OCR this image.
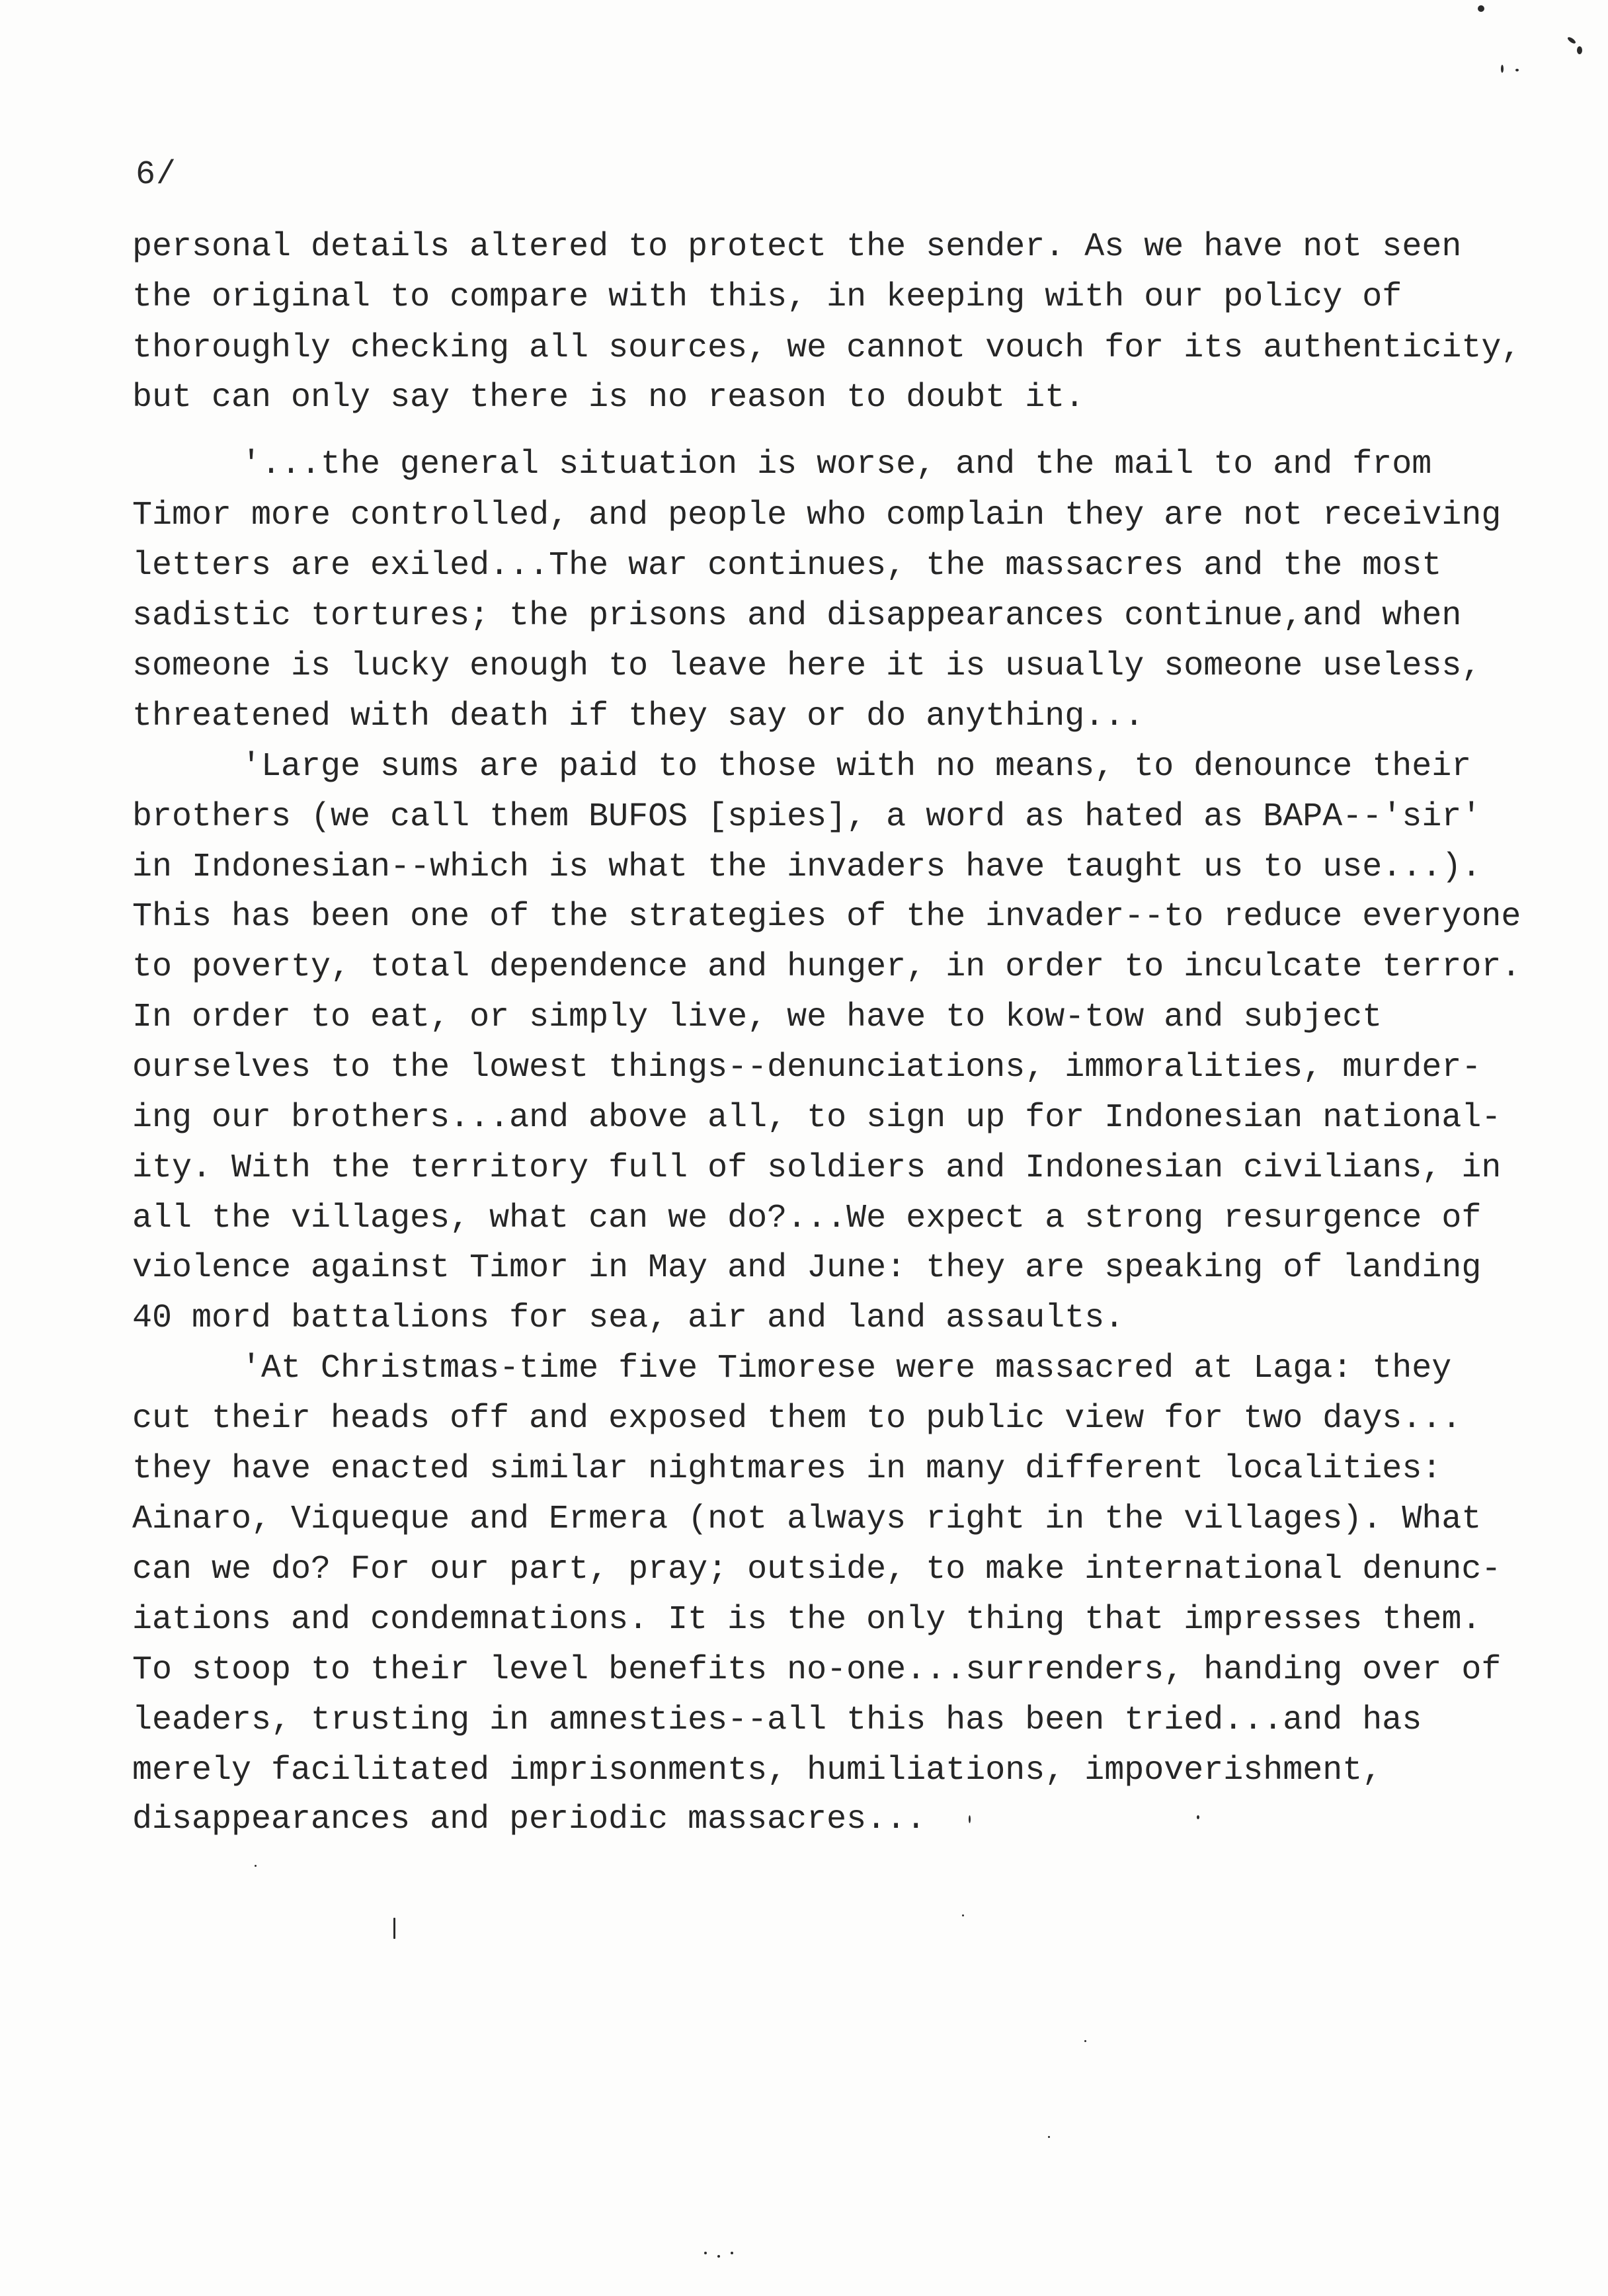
6/
personal details altered to protect the sender. As we have not seen
the original to compare with this, in keeping with our policy of
thoroughly checking all sources, we cannot vouch for its authenticity,
but can only say there is no reason to doubt it.
'...the general situation is worse, and the mail to and from
Timor more controlled, and people who complain they are not receiving
letters are exiled...The war continues, the massacres and the most
sadistic tortures; the prisons and disappearances continue,and when
someone is lucky enough to leave here it is usually someone useless,
threatened with death if they say or do anything...
'Large sums are paid to those with no means, to denounce their
brothers (we call them BUFOS [spies], a word as hated as BAPA--'sir'
in Indonesian--which is what the invaders have taught us to use...).
This has been one of the strategies of the invader--to reduce everyone
to poverty, total dependence and hunger, in order to inculcate terror.
In order to eat, or simply live, we have to kow-tow and subject
ourselves to the lowest things--denunciations, immoralities, murder-
ing our brothers...and above all, to sign up for Indonesian national-
ity. With the territory full of soldiers and Indonesian civilians, in
all the villages, what can we do?...We expect a strong resurgence of
violence against Timor in May and June: they are speaking of landing
40 mord battalions for sea, air and land assaults.
'At Christmas-time five Timorese were massacred at Laga: they
cut their heads off and exposed them to public view for two days...
they have enacted similar nightmares in many different localities:
Ainaro, Viqueque and Ermera (not always right in the villages). What
can we do? For our part, pray; outside, to make international denunc-
iations and condemnations. It is the only thing that impresses them.
To stoop to their level benefits no-one...surrenders, handing over of
leaders, trusting in amnesties--all this has been tried...and has
merely facilitated imprisonments, humiliations, impoverishment,
disappearances and periodic massacres...
